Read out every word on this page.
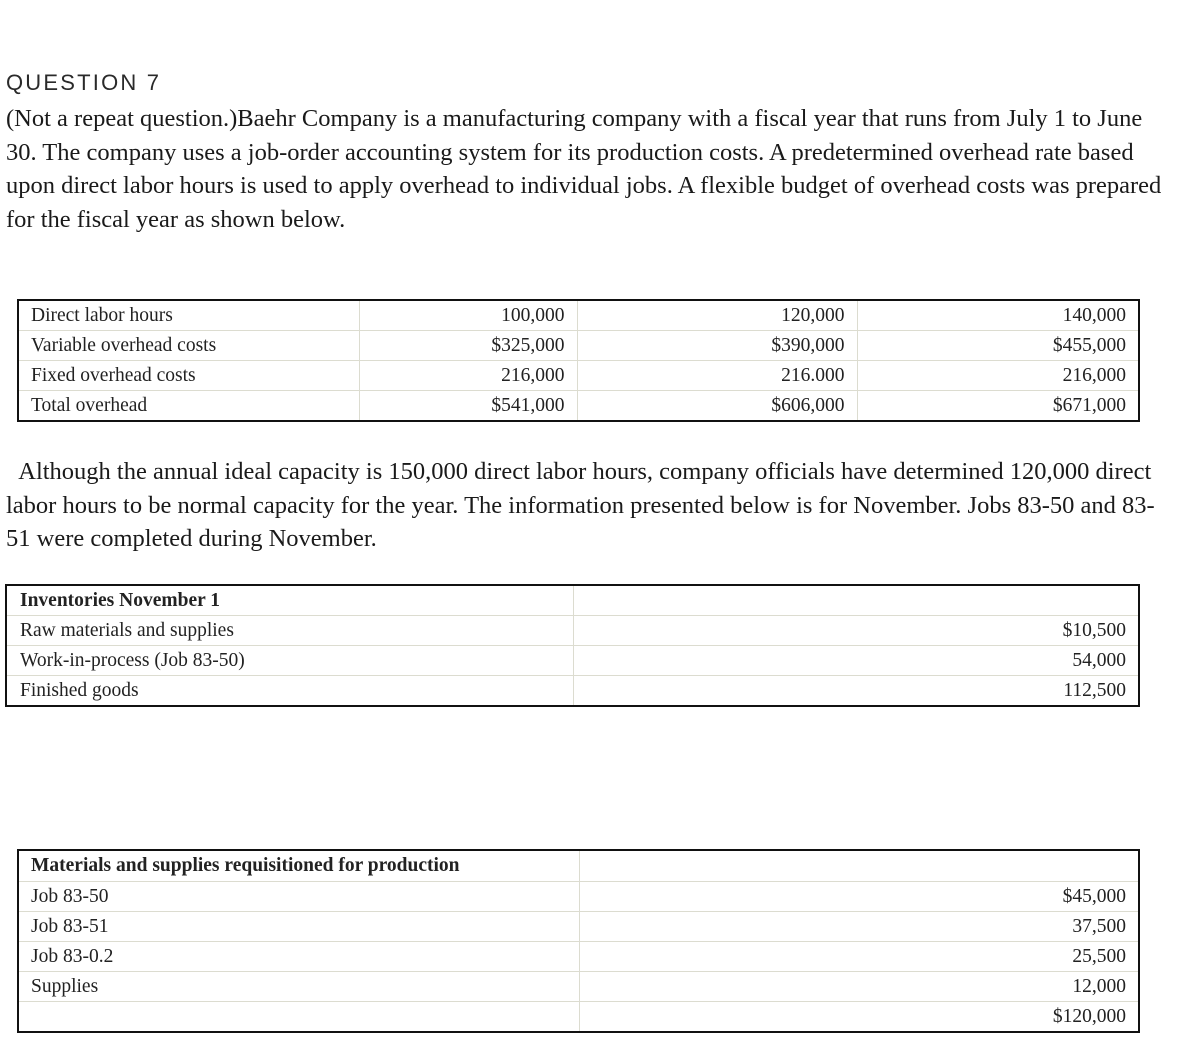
QUESTION 7

(Not a repeat question.)Baehr Company is a manufacturing company with a fiscal year that runs from July 1 to June 30. The company uses a job-order accounting system for its production costs. A predetermined overhead rate based upon direct labor hours is used to apply overhead to individual jobs. A flexible budget of overhead costs was prepared for the fiscal year as shown below.

Direct labor hours	100,000	120,000	140,000
Variable overhead costs	$325,000	$390,000	$455,000
Fixed overhead costs	216,000	216.000	216,000
Total overhead	$541,000	$606,000	$671,000

Although the annual ideal capacity is 150,000 direct labor hours, company officials have determined 120,000 direct labor hours to be normal capacity for the year. The information presented below is for November. Jobs 83-50 and 83-51 were completed during November.

Inventories November 1	
Raw materials and supplies	$10,500
Work-in-process (Job 83-50)	54,000
Finished goods	112,500
Materials and supplies requisitioned for production	
Job 83-50	$45,000
Job 83-51	37,500
Job 83-0.2	25,500
Supplies	12,000
	$120,000
